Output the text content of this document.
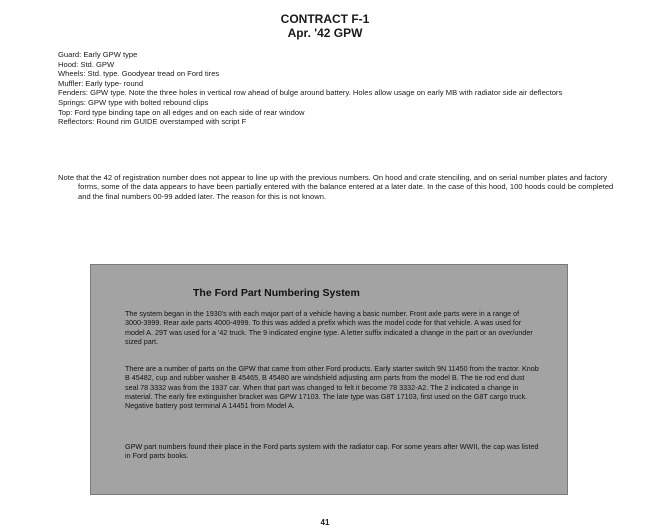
CONTRACT F-1
Apr. '42 GPW

Guard: Early GPW type

Hood: Std. GPW

Wheels: Std. type. Goodyear tread on Ford tires

Muffler: Early type- round

Fenders: GPW type. Note the three holes in vertical row ahead of bulge around battery. Holes allow usage on early MB with radiator side air deflectors

Springs: GPW type with bolted rebound clips

Top: Ford type binding tape on all edges and on each side of rear window

Reflectors: Round rim GUIDE overstamped with script F

Note that the 42 of registration number does not appear to line up with the previous numbers. On hood and crate stenciling, and on serial number plates and factory forms, some of the data appears to have been partially entered with the balance entered at a later date. In the case of this hood, 100 hoods could be completed and the final numbers 00-99 added later. The reason for this is not known.

The Ford Part Numbering System
The system began in the 1930's with each major part of a vehicle having a basic number. Front axle parts were in a range of 3000-3999. Rear axle parts 4000-4999. To this was added a prefix which was the model code for that vehicle. A was used for model A. 29T was used for a '42 truck. The 9 indicated engine type. A letter suffix indicated a change in the part or an over/under sized part.
There are a number of parts on the GPW that came from other Ford products. Early starter switch 9N 11450 from the tractor. Knob B 45482, cup and rubber washer B 45465, B 45480 are windshield adjusting arm parts from the model B. The tie rod end dust seal 78 3332 was from the 1937 car. When that part was changed to felt it become 78 3332-A2. The 2 indicated a change in material. The early fire extinguisher bracket was GPW 17103. The late type was G8T 17103, first used on the G8T cargo truck. Negative battery post terminal A 14451 from Model A.
GPW part numbers found their place in the Ford parts system with the radiator cap. For some years after WWII, the cap was listed in Ford parts books.
41
